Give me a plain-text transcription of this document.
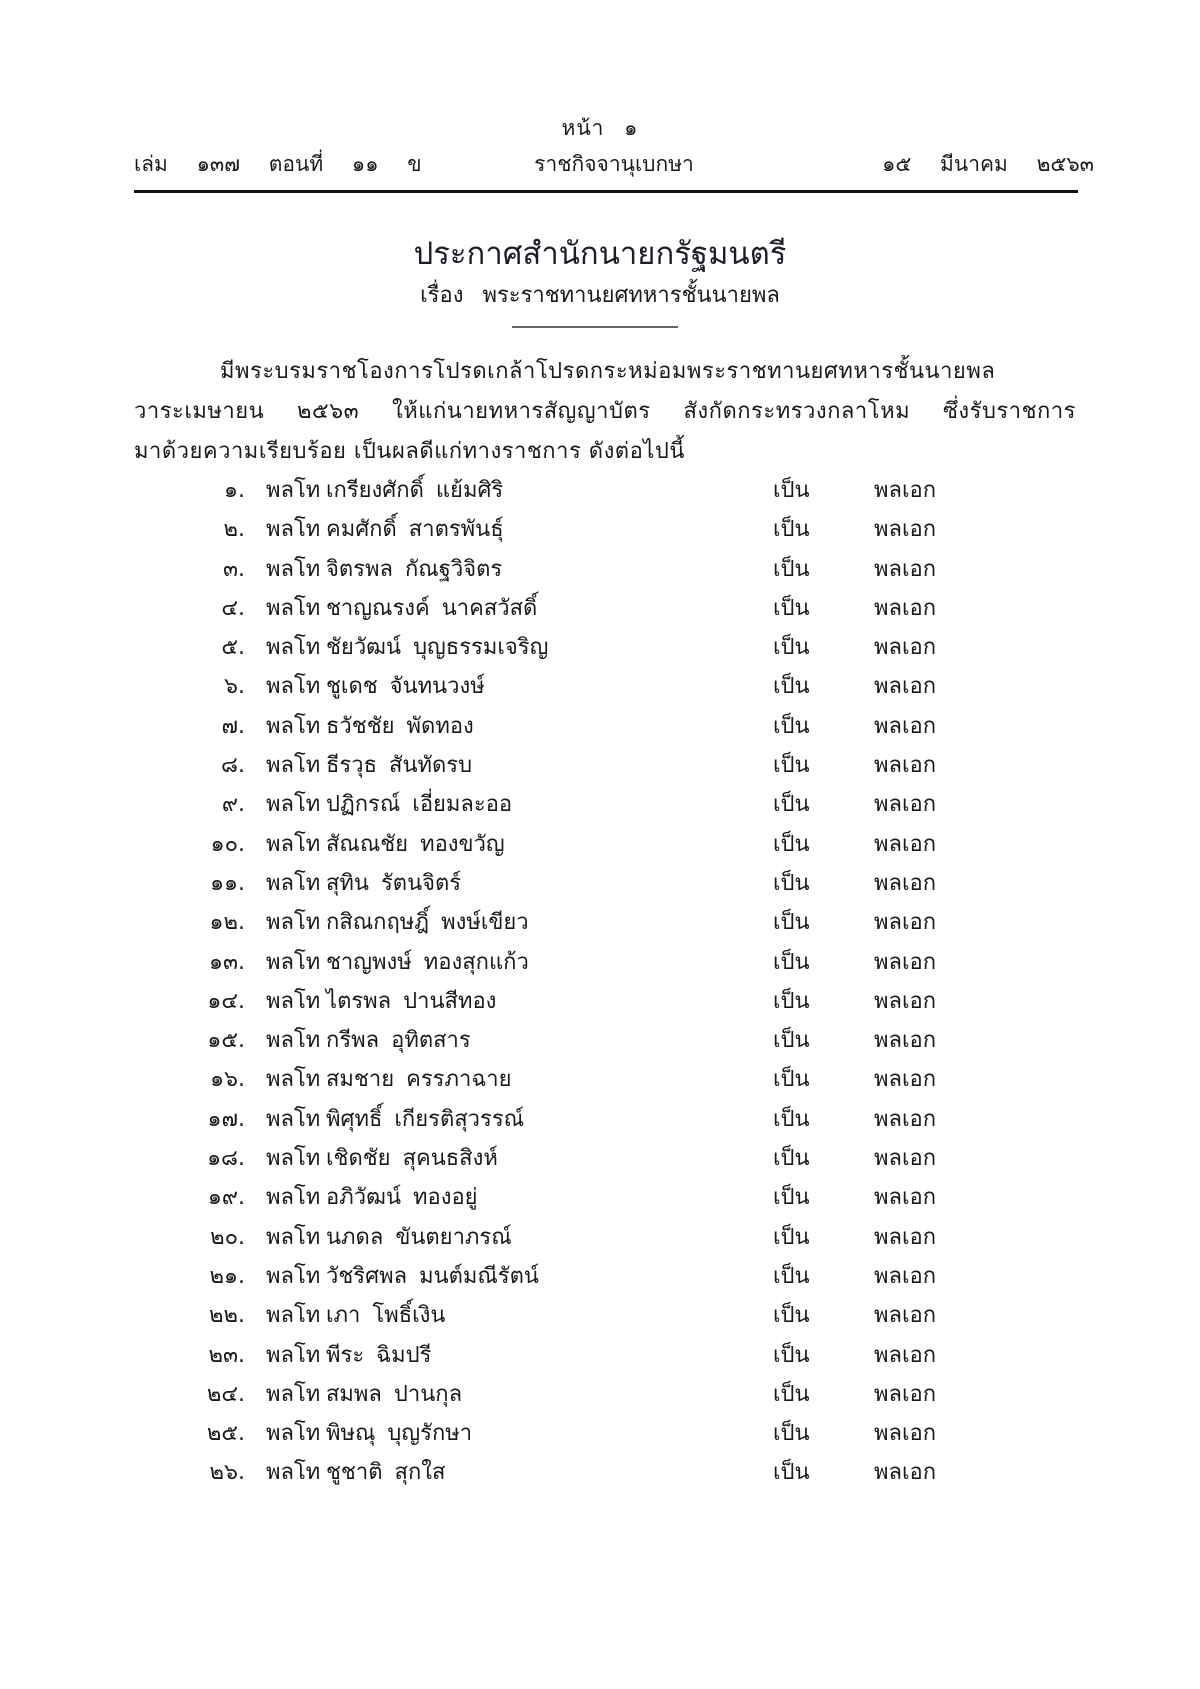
หน้า ๑
เล่ม ๑๓๗ ตอนที่ ๑๑ ข	ราชกิจจานุเบกษา	๑๕ มีนาคม ๒๕๖๓
ประกาศสำนักนายกรัฐมนตรี
เรื่อง พระราชทานยศทหารชั้นนายพล
มีพระบรมราชโองการโปรดเกล้าโปรดกระหม่อมพระราชทานยศทหารชั้นนายพล
วาระเมษายน ๒๕๖๓ ให้แก่นายทหารสัญญาบัตร สังกัดกระทรวงกลาโหม ซึ่งรับราชการ
มาด้วยความเรียบร้อย เป็นผลดีแก่ทางราชการ ดังต่อไปนี้
๑. พลโท เกรียงศักดิ์ แย้มศิริ	เป็น	พลเอก
๒. พลโท คมศักดิ์ สาตรพันธุ์	เป็น	พลเอก
๓. พลโท จิตรพล กัณฐวิจิตร	เป็น	พลเอก
๔. พลโท ชาญณรงค์ นาคสวัสดิ์	เป็น	พลเอก
๕. พลโท ชัยวัฒน์ บุญธรรมเจริญ	เป็น	พลเอก
๖. พลโท ชูเดช จันทนวงษ์	เป็น	พลเอก
๗. พลโท ธวัชชัย พัดทอง	เป็น	พลเอก
๘. พลโท ธีรวุธ สันทัดรบ	เป็น	พลเอก
๙. พลโท ปฏิกรณ์ เอี่ยมละออ	เป็น	พลเอก
๑๐. พลโท สัณณชัย ทองขวัญ	เป็น	พลเอก
๑๑. พลโท สุทิน รัตนจิตร์	เป็น	พลเอก
๑๒. พลโท กสิณกฤษฎิ์ พงษ์เขียว	เป็น	พลเอก
๑๓. พลโท ชาญพงษ์ ทองสุกแก้ว	เป็น	พลเอก
๑๔. พลโท ไตรพล ปานสีทอง	เป็น	พลเอก
๑๕. พลโท กรีพล อุทิตสาร	เป็น	พลเอก
๑๖. พลโท สมชาย ครรภาฉาย	เป็น	พลเอก
๑๗. พลโท พิศุทธิ์ เกียรติสุวรรณ์	เป็น	พลเอก
๑๘. พลโท เชิดชัย สุคนธสิงห์	เป็น	พลเอก
๑๙. พลโท อภิวัฒน์ ทองอยู่	เป็น	พลเอก
๒๐. พลโท นภดล ขันตยาภรณ์	เป็น	พลเอก
๒๑. พลโท วัชริศพล มนต์มณีรัตน์	เป็น	พลเอก
๒๒. พลโท เภา โพธิ์เงิน	เป็น	พลเอก
๒๓. พลโท พีระ ฉิมปรี	เป็น	พลเอก
๒๔. พลโท สมพล ปานกุล	เป็น	พลเอก
๒๕. พลโท พิษณุ บุญรักษา	เป็น	พลเอก
๒๖. พลโท ชูชาติ สุกใส	เป็น	พลเอก
